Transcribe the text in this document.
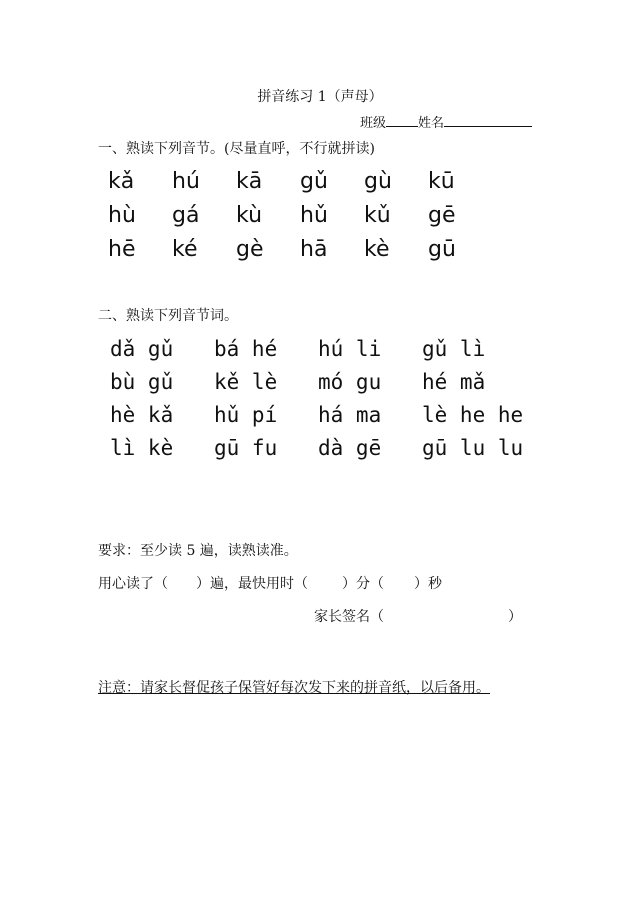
拼音练习 1（声母）
班级 姓名
一、熟读下列音节。(尽量直呼，不行就拼读)
kǎ	hú	kā	gǔ	gù	kū
hù	gá	kù	hǔ	kǔ	gē
hē	ké	gè	hā	kè	gū
二、熟读下列音节词。
dǎ gǔ	bá hé	hú li	gǔ lì
bù gǔ	kě lè	mó gu	hé mǎ
hè kǎ	hǔ pí	há ma	lè he he
lì kè	gū fu	dà gē	gū lu lu
要求：至少读 5 遍，读熟读准。
用心读了（ ）遍，最快用时（ ）分（ ）秒
家长签名（	）
注意：请家长督促孩子保管好每次发下来的拼音纸，以后备用。
